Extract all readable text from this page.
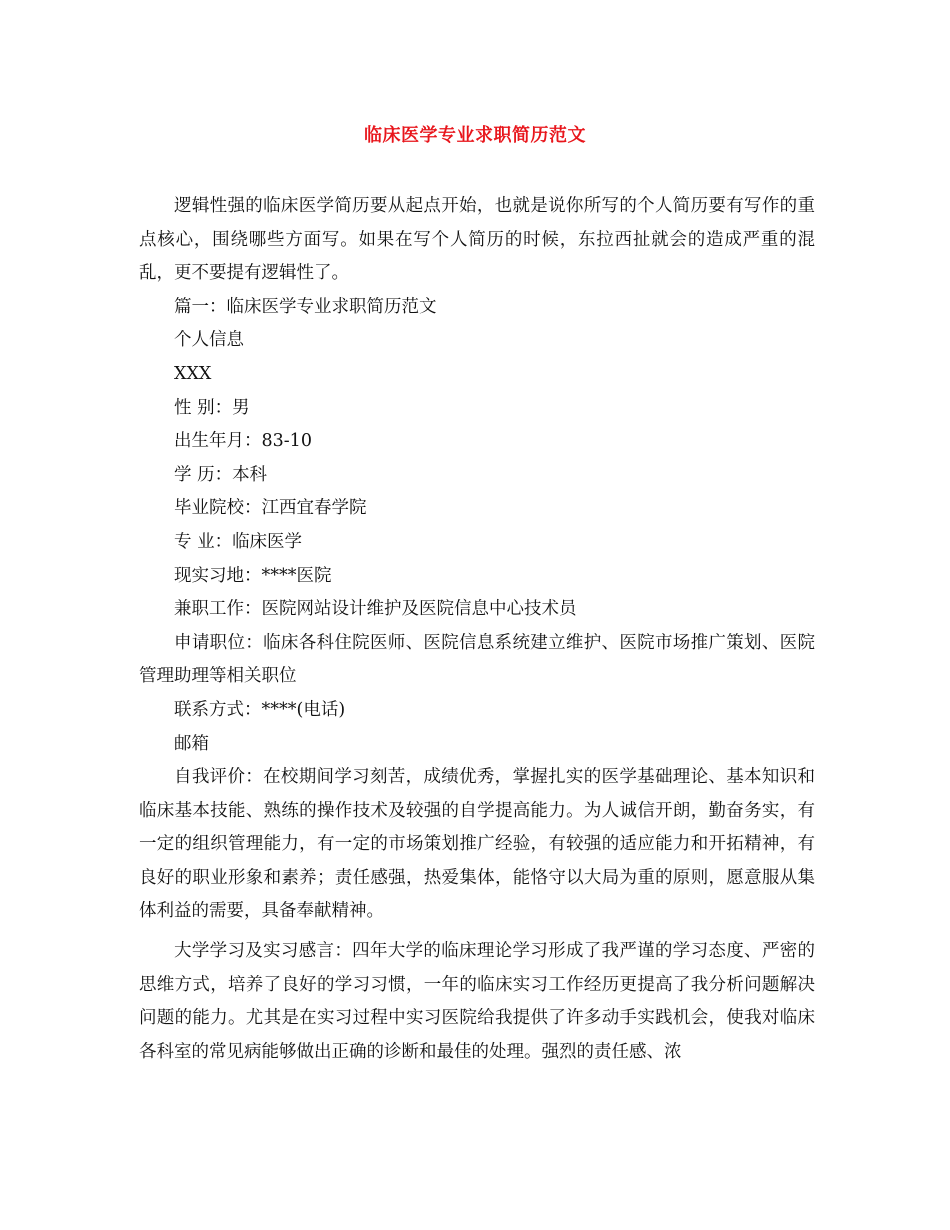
临床医学专业求职简历范文

逻辑性强的临床医学简历要从起点开始，也就是说你所写的个人简历要有写作的重点核心，围绕哪些方面写。如果在写个人简历的时候，东拉西扯就会的造成严重的混乱，更不要提有逻辑性了。

篇一：临床医学专业求职简历范文

个人信息

XXX

性 别：男

出生年月：83-10

学 历：本科

毕业院校：江西宜春学院

专 业：临床医学

现实习地：****医院

兼职工作：医院网站设计维护及医院信息中心技术员

申请职位：临床各科住院医师、医院信息系统建立维护、医院市场推广策划、医院管理助理等相关职位

联系方式：****(电话)

邮箱

自我评价：在校期间学习刻苦，成绩优秀，掌握扎实的医学基础理论、基本知识和临床基本技能、熟练的操作技术及较强的自学提高能力。为人诚信开朗，勤奋务实，有一定的组织管理能力，有一定的市场策划推广经验，有较强的适应能力和开拓精神，有良好的职业形象和素养；责任感强，热爱集体，能恪守以大局为重的原则，愿意服从集体利益的需要，具备奉献精神。

大学学习及实习感言：四年大学的临床理论学习形成了我严谨的学习态度、严密的思维方式，培养了良好的学习习惯，一年的临床实习工作经历更提高了我分析问题解决问题的能力。尤其是在实习过程中实习医院给我提供了许多动手实践机会，使我对临床各科室的常见病能够做出正确的诊断和最佳的处理。强烈的责任感、浓
